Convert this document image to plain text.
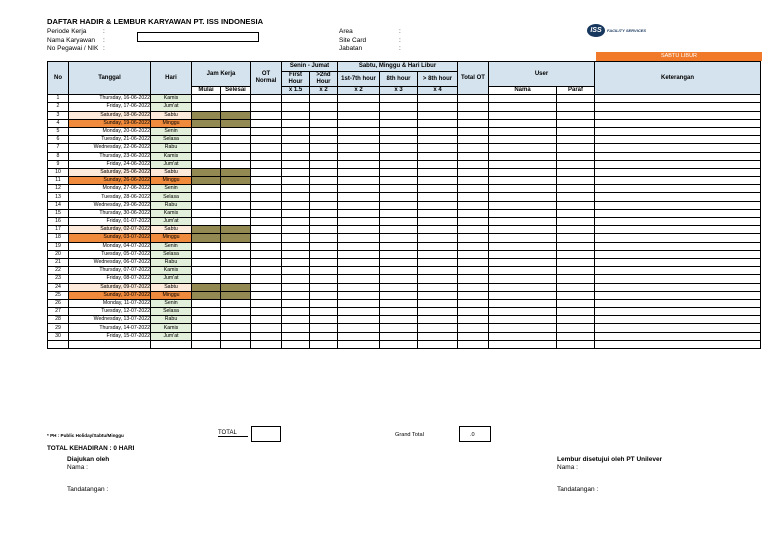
DAFTAR HADIR & LEMBUR KARYAWAN PT. ISS INDONESIA
Periode Kerja	:
Nama Karyawan :
No Pegawai / NIK :
Area	:
Site Card	:
Jabatan	:
ISS	FACILITY SERVICES
SABTU LIBUR
No	Tanggal	Hari	Jam Kerja		OT Normal	Senin - Jumat		Sabtu, Minggu & Hari Libur			Total OT	User		Keterangan
						First Hour	>2nd Hour	1st-7th hour	8th hour	> 8th hour				
			Mulai	Selesai		x 1.5	x 2	x 2	x 3	x 4		Nama	Paraf	
1	Thursday, 16-06-2022	Kamis												
2	Friday, 17-06-2022	Jum'at												
3	Saturday, 18-06-2022	Sabtu												
4	Sunday, 19-06-2022	Minggu												
5	Monday, 20-06-2022	Senin												
6	Tuesday, 21-06-2022	Selasa												
7	Wednesday, 22-06-2022	Rabu												
8	Thursday, 23-06-2022	Kamis												
9	Friday, 24-06-2022	Jum'at												
10	Saturday, 25-06-2022	Sabtu												
11	Sunday, 26-06-2022	Minggu												
12	Monday, 27-06-2022	Senin												
13	Tuesday, 28-06-2022	Selasa												
14	Wednesday, 29-06-2022	Rabu												
15	Thursday, 30-06-2022	Kamis												
16	Friday, 01-07-2022	Jum'at												
17	Saturday, 02-07-2022	Sabtu												
18	Sunday, 03-07-2022	Minggu												
19	Monday, 04-07-2022	Senin												
20	Tuesday, 05-07-2022	Selasa												
21	Wednesday, 06-07-2022	Rabu												
22	Thursday, 07-07-2022	Kamis												
23	Friday, 08-07-2022	Jum'at												
24	Saturday, 09-07-2022	Sabtu												
25	Sunday, 10-07-2022	Minggu												
26	Monday, 11-07-2022	Senin												
27	Tuesday, 12-07-2022	Selasa												
28	Wednesday, 13-07-2022	Rabu												
29	Thursday, 14-07-2022	Kamis												
30	Friday, 15-07-2022	Jum'at												

* PH : Public Holiday/Sabtu/Minggu	TOTAL	Grand Total	.0
TOTAL KEHADIRAN : 0 HARI
Diajukan oleh
Nama :
Tandatangan :
Lembur disetujui oleh PT Unilever
Nama :
Tandatangan :
